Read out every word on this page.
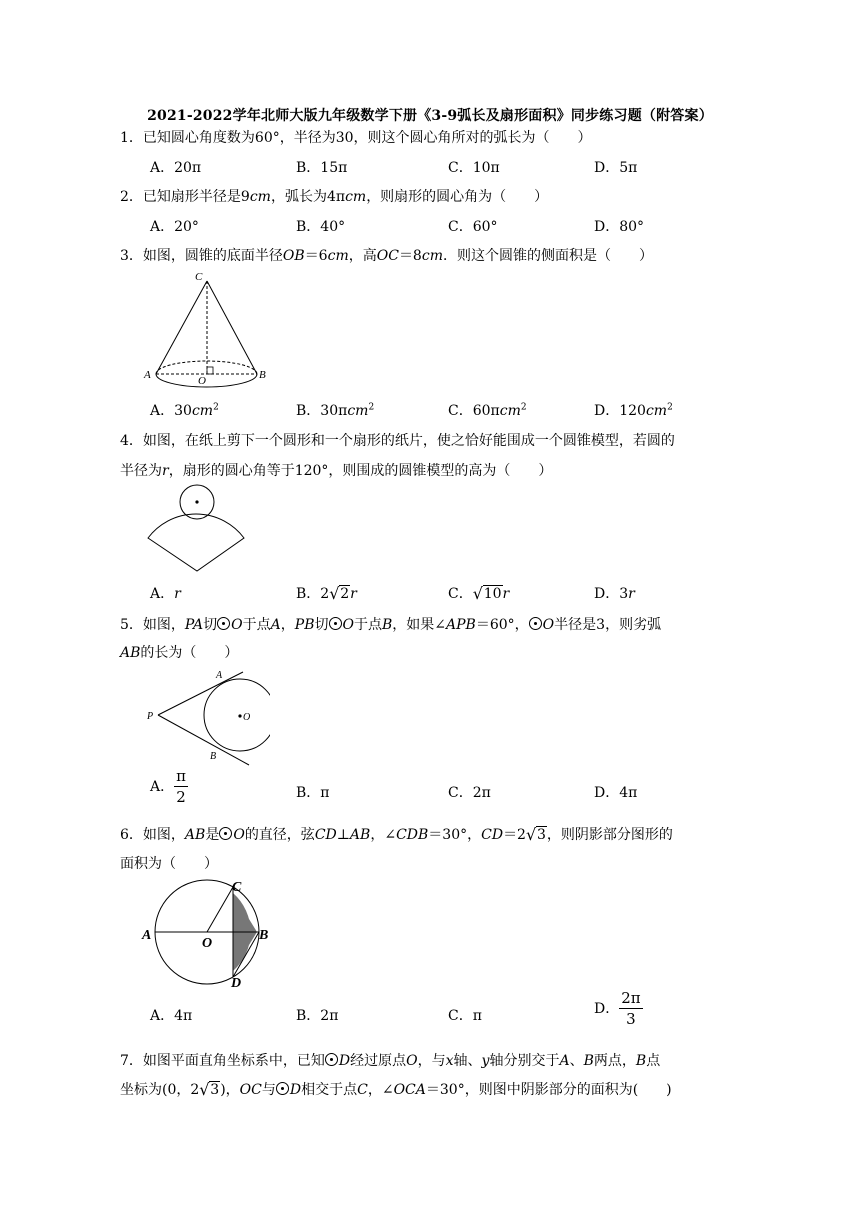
2021-2022学年北师大版九年级数学下册《3-9弧长及扇形面积》同步练习题（附答案）
1．已知圆心角度数为60°，半径为30，则这个圆心角所对的弧长为（　　）
A．20π	B．15π	C．10π	D．5π
2．已知扇形半径是9cm，弧长为4πcm，则扇形的圆心角为（　　）
A．20°	B．40°	C．60°	D．80°
3．如图，圆锥的底面半径OB＝6cm，高OC＝8cm．则这个圆锥的侧面积是（　　）
C
A	O	B
A．$30cm^2$	B．30πcm$^2$	C．60πcm$^2$	D．$120cm^2$
4．如图，在纸上剪下一个圆形和一个扇形的纸片，使之恰好能围成一个圆锥模型，若圆的
半径为r，扇形的圆心角等于120°，则围成的圆锥模型的高为（　　）
A．r	B．2 √ 2r	C． √ 10r	D．3r
5．如图，PA切 O于点A，PB切 O于点B，如果∠APB＝60°， O半径是3，则劣弧
AB的长为（　　）
A
P	O
B
A． $\frac{\pi}{2}$	B．π	C．2π	D．4π
6．如图，AB是 O的直径，弦CD⊥AB，∠CDB＝30°，CD＝2 √ 3，则阴影部分图形的
面积为（　　）
C
A
O
B
D
A．4π	B．2π	C．π	D． $\frac{2\pi}{3}$
7．如图平面直角坐标系中，已知 D经过原点O，与x轴、y轴分别交于A、B两点，B点
坐标为(0，2 √ 3)，OC与 D相交于点C，∠OCA＝30°，则图中阴影部分的面积为(　　)
